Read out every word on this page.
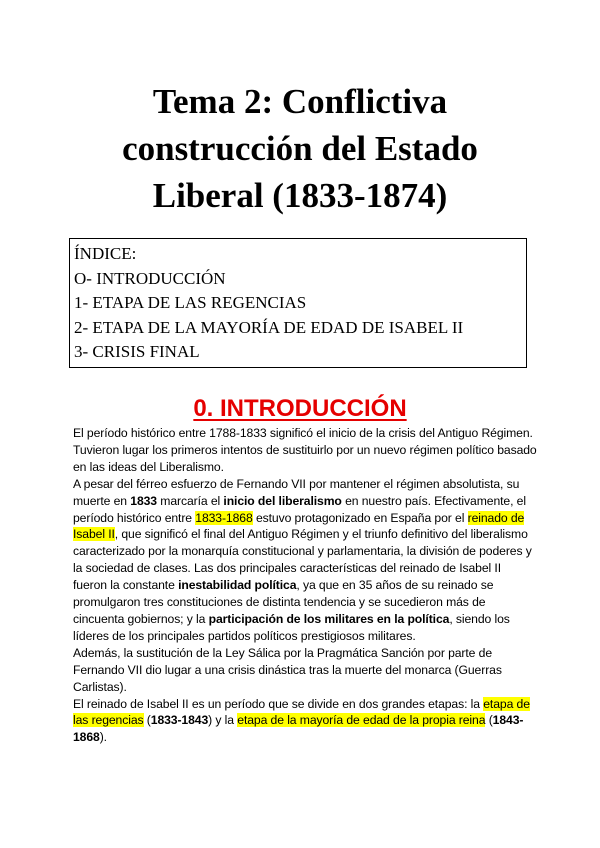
Tema 2: Conflictiva
construcción del Estado
Liberal (1833-1874)
ÍNDICE:
O- INTRODUCCIÓN
1- ETAPA DE LAS REGENCIAS
2- ETAPA DE LA MAYORÍA DE EDAD DE ISABEL II
3- CRISIS FINAL
0. INTRODUCCIÓN

El período histórico entre 1788-1833 significó el inicio de la crisis del Antiguo Régimen. Tuvieron lugar los primeros intentos de sustituirlo por un nuevo régimen político basado en las ideas del Liberalismo.

A pesar del férreo esfuerzo de Fernando VII por mantener el régimen absolutista, su muerte en 1833 marcaría el inicio del liberalismo en nuestro país. Efectivamente, el período histórico entre 1833-1868 estuvo protagonizado en España por el reinado de Isabel II, que significó el final del Antiguo Régimen y el triunfo definitivo del liberalismo caracterizado por la monarquía constitucional y parlamentaria, la división de poderes y la sociedad de clases. Las dos principales características del reinado de Isabel II fueron la constante inestabilidad política, ya que en 35 años de su reinado se promulgaron tres constituciones de distinta tendencia y se sucedieron más de cincuenta gobiernos; y la participación de los militares en la política, siendo los líderes de los principales partidos políticos prestigiosos militares.

Además, la sustitución de la Ley Sálica por la Pragmática Sanción por parte de Fernando VII dio lugar a una crisis dinástica tras la muerte del monarca (Guerras Carlistas).

El reinado de Isabel II es un período que se divide en dos grandes etapas: la etapa de las regencias (1833-1843) y la etapa de la mayoría de edad de la propia reina (1843-1868).
